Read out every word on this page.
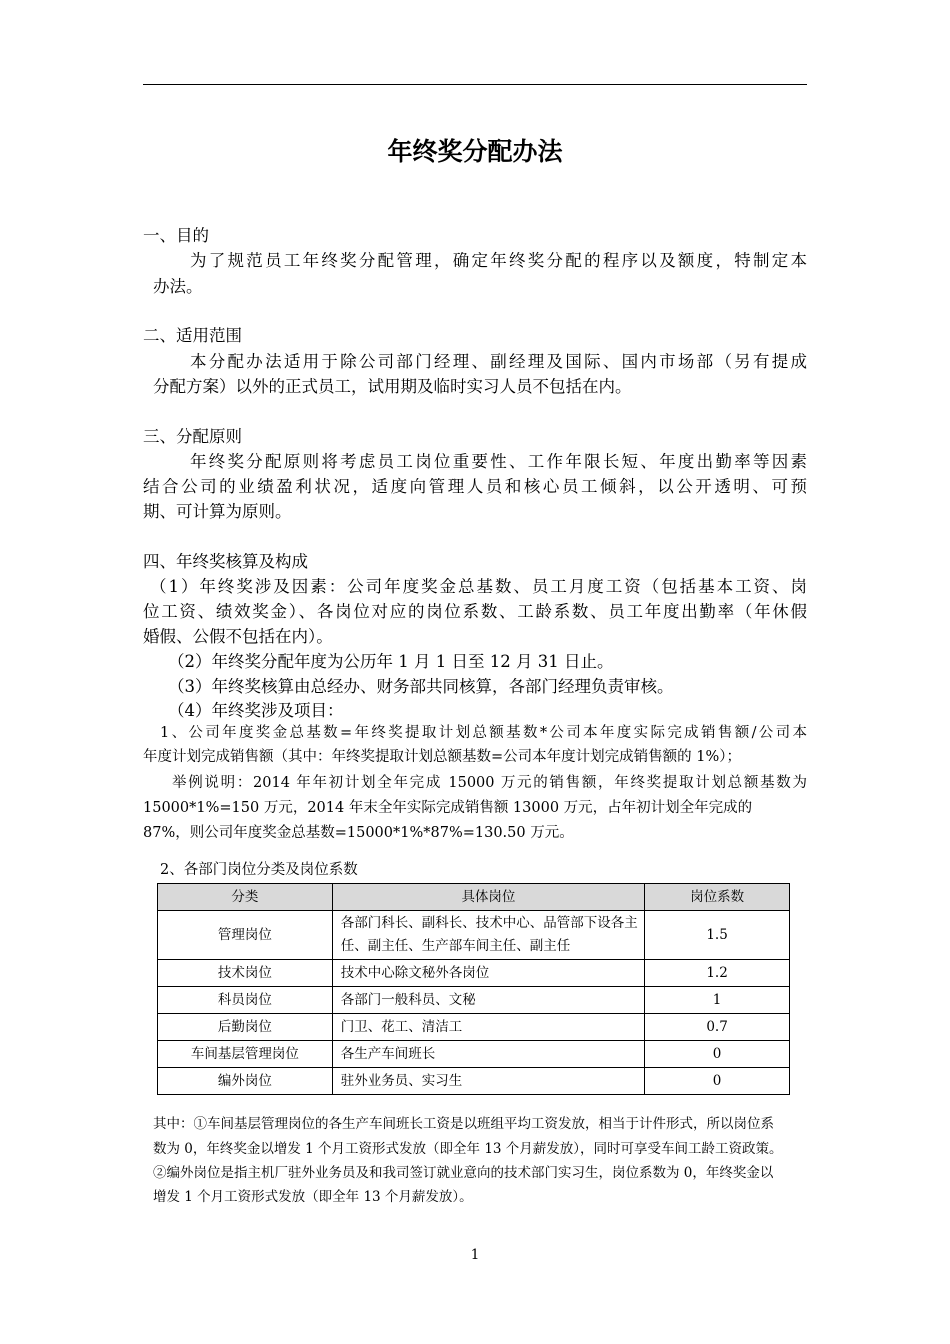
年终奖分配办法
一、目的
为了规范员工年终奖分配管理，确定年终奖分配的程序以及额度，特制定本
办法。
二、适用范围
本分配办法适用于除公司部门经理、副经理及国际、国内市场部（另有提成
分配方案）以外的正式员工，试用期及临时实习人员不包括在内。
三、分配原则
年终奖分配原则将考虑员工岗位重要性、工作年限长短、年度出勤率等因素
结合公司的业绩盈利状况，适度向管理人员和核心员工倾斜，以公开透明、可预
期、可计算为原则。
四、年终奖核算及构成
（1）年终奖涉及因素：公司年度奖金总基数、员工月度工资（包括基本工资、岗
位工资、绩效奖金）、各岗位对应的岗位系数、工龄系数、员工年度出勤率（年休假
婚假、公假不包括在内）。
（2）年终奖分配年度为公历年 1 月 1 日至 12 月 31 日止。
（3）年终奖核算由总经办、财务部共同核算，各部门经理负责审核。
（4）年终奖涉及项目：
1、公司年度奖金总基数=年终奖提取计划总额基数*公司本年度实际完成销售额/公司本
年度计划完成销售额（其中：年终奖提取计划总额基数=公司本年度计划完成销售额的 1%）；
举例说明：2014 年年初计划全年完成 15000 万元的销售额，年终奖提取计划总额基数为
15000*1%=150 万元，2014 年末全年实际完成销售额 13000 万元，占年初计划全年完成的
87%，则公司年度奖金总基数=15000*1%*87%=130.50 万元。
2、各部门岗位分类及岗位系数
分类	具体岗位	岗位系数
管理岗位	各部门科长、副科长、技术中心、品管部下设各主
任、副主任、生产部车间主任、副主任	1.5
技术岗位	技术中心除文秘外各岗位	1.2
科员岗位	各部门一般科员、文秘	1
后勤岗位	门卫、花工、清洁工	0.7
车间基层管理岗位	各生产车间班长	0
编外岗位	驻外业务员、实习生	0
其中：①车间基层管理岗位的各生产车间班长工资是以班组平均工资发放，相当于计件形式，所以岗位系
数为 0，年终奖金以增发 1 个月工资形式发放（即全年 13 个月薪发放），同时可享受车间工龄工资政策。
②编外岗位是指主机厂驻外业务员及和我司签订就业意向的技术部门实习生，岗位系数为 0，年终奖金以
增发 1 个月工资形式发放（即全年 13 个月薪发放）。
1
